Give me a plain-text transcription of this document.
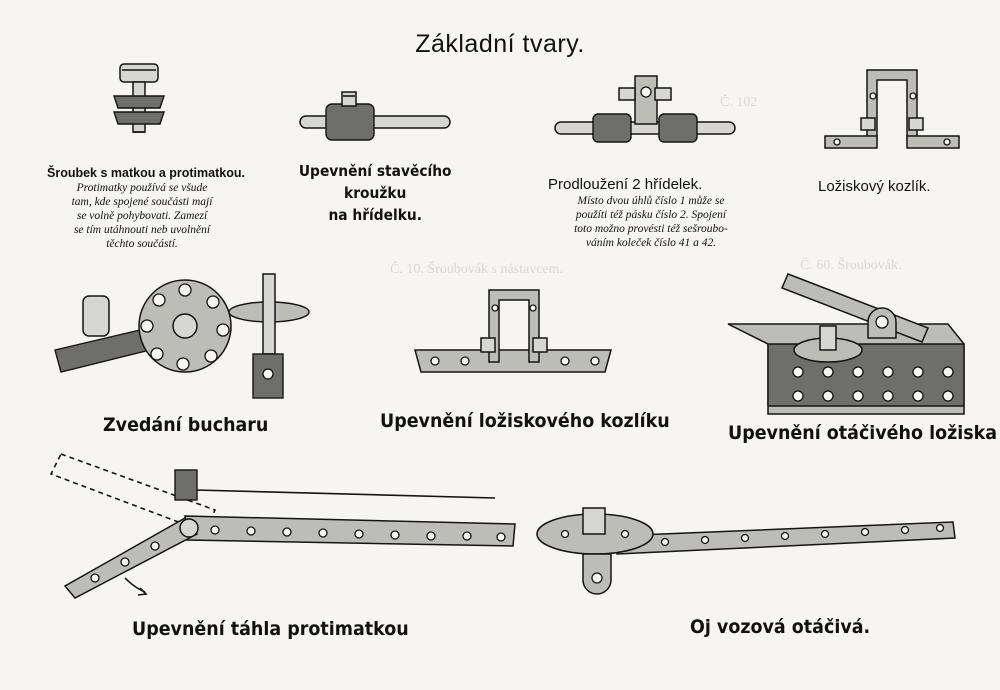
Č. 102
Č. 10. Šroubovák s nástavcem.	Č. 60. Šroubovák.
Základní tvary.
Šroubek s matkou a protimatkou.
Protimatky používá se všude
tam, kde spojené součásti mají
se volně pohybovati. Zamezí
se tím utáhnouti neb uvolnění
těchto součástí.
Upevnění stavěcího kroužku
na hřídelku.
Prodloužení 2 hřídelek.
Místo dvou úhlů číslo 1 může se
použíti též pásku číslo 2. Spojení
toto možno provésti též sešroubo-
váním koleček číslo 41 a 42.
Ložiskový kozlík.
Zvedání bucharu	Upevnění ložiskového kozlíku
Upevnění otáčivého ložiska
Upevnění táhla protimatkou	Oj vozová otáčivá.
